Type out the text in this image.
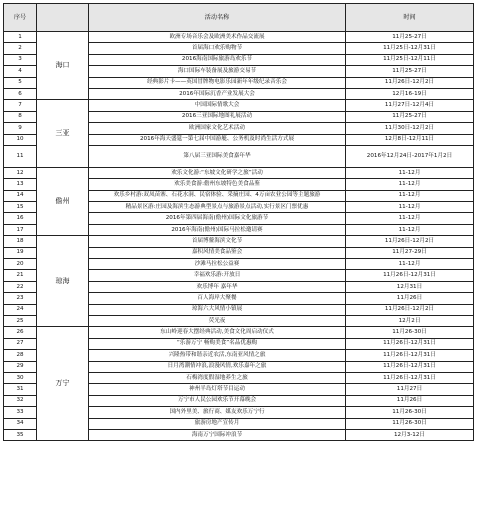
序号		活动名称	时间
1	海口	欧洲专场音乐会及欧洲美术作品交流展	11月25-27日
2		首届海口欢乐购物节	11月25日-12月31日
3		2016海南国际旅游岛欢乐节	11月25日-12月11日
4		海口国际车装备展及旅游交易节	11月25-27日
5		经典影片卡——英国冒牌物电影乐园新年年级纪录音乐会	11月26日-12月2日
6		2016年国际沉香产业发展大会	12月16-19日
7	三亚	中国国际情歌大会	11月27日-12月4日
8		2016三亚国际地图礼展活动	11月25-27日
9		欧洲国家文化艺术活动	11月30日-12月2日
10		2016年海天盛筵一第七届中国游艇、公务机及时尚生活方式展	12月8日-12月11日
11		第八届三亚国际美食嘉年华	2016年12月24日-2017年1月2日
12	儋州	欢乐文化游:“东坡文化研学之旅”活动	11-12月
13		欢乐美食游:儋州东坡特色美食品鉴	11-12月
14		欢乐乡村游:双凤苗寨、石花水洞、民宿体验、采摘庄园、4万亩农业公园等主题旅游	11-12月
15		精品景区游:庄园及海滨生态游典型景点与旅游景点活动,实行景区门票优惠	11-12月
16		2016年第四届海南(儋州)国际文化旅游节	11-12月
17		2016年海南(儋州)国际马拉松邀请赛	11-12月
18	琼海	首届博鳌海滨文化节	11月26日-12月2日
19		嘉积风情美食品鉴会	11月27-29日
20		沙滩马拉松公益赛	11-12月
21		幸福欢乐游:开放日	11月26日-12月31日
22		欢乐博年 嘉年华	12月31日
23		百人海岸大聚餐	11月26日
24		琼海六大风情小镇展	11月26日-12月2日
25		荧光夜	12月2日
26	万宁	东山岭迎春大摆经典活动,美食文化周启动仪式	11月26-30日
27		“乐游万宁 畅购美食”名品优惠购	11月26日-12月31日
28		兴隆热带和谐亲近农活,东南亚风情之旅	11月26日-12月31日
29		日月湾潮情冲浪,浪漫风情,欢乐嘉年之旅	11月26日-12月31日
30		石梅湾度假湿地养生之旅	11月26日-12月31日
31		神州半岛灯塔节目运动	11月27日
32		万宁市人民公园欢乐节开幕晚会	11月26日
33		国内外里美、旅行商、媒友欢乐万宁行	11月26-30日
34		旅游房地产宣传月	11月26-30日
35		海南万宁国际冲浪节	12月3-12日
